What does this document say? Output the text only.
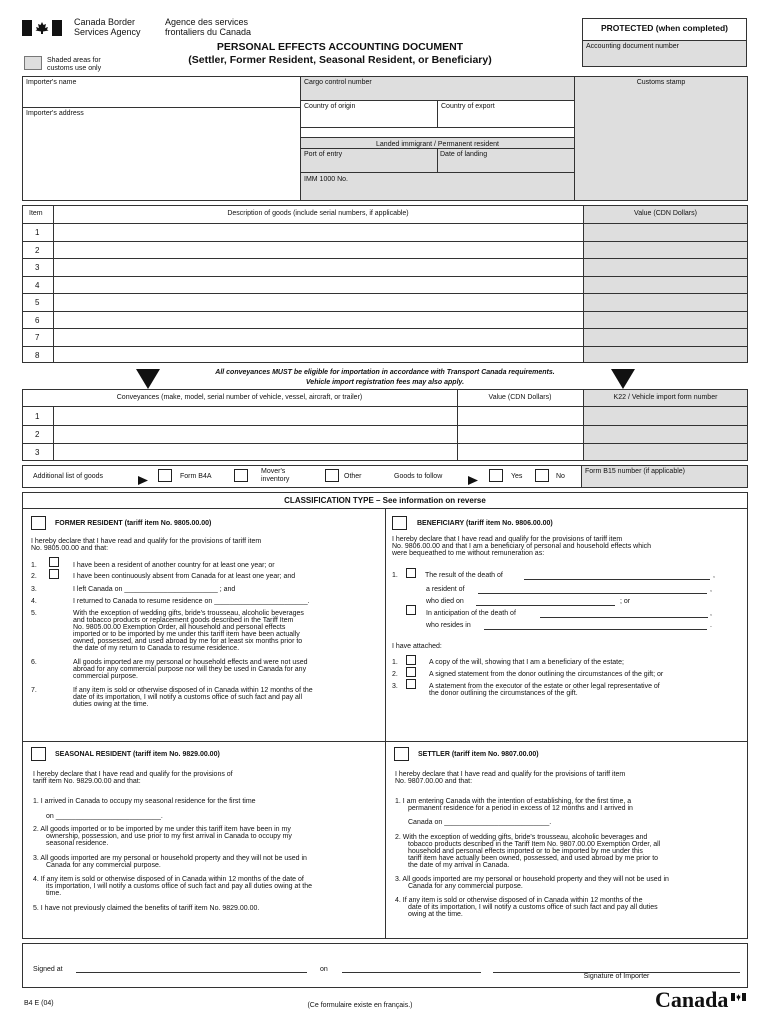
Canada Border
Services Agency
Agence des services
frontaliers du Canada	PROTECTED (when completed)
Accounting document number
PERSONAL EFFECTS ACCOUNTING DOCUMENT
(Settler, Former Resident, Seasonal Resident, or Beneficiary)
Shaded areas for
customs use only
Importer's name
Importer's address
Cargo control number	Customs stamp
Country of origin	Country of export
Landed immigrant / Permanent resident
Port of entry	Date of landing
IMM 1000 No.
Item	Description of goods (include serial numbers, if applicable)	Value (CDN Dollars)
1
2
3
4
5
6
7
8
All conveyances MUST be eligible for importation in accordance with Transport Canada requirements.
Vehicle import registration fees may also apply.
Conveyances (make, model, serial number of vehicle, vessel, aircraft, or trailer)	Value (CDN Dollars)	K22 / Vehicle import form number
1
2
3
Additional list of goods	Form B4A
Mover's
inventory	Other	Goods to follow	Yes	No
Form B15 number (if applicable)
CLASSIFICATION TYPE – See information on reverse
FORMER RESIDENT (tariff item No. 9805.00.00)
I hereby declare that I have read and qualify for the provisions of tariff item
No. 9805.00.00 and that:
1.	I have been a resident of another country for at least one year; or
2.	I have been continuously absent from Canada for at least one year; and
3.	I left Canada on ________________________ ; and
4.	I returned to Canada to resume residence on ________________________.
5.	With the exception of wedding gifts, bride's trousseau, alcoholic beverages
and tobacco products or replacement goods described in the Tariff Item
No. 9805.00.00 Exemption Order, all household and personal effects
imported or to be imported by me under this tariff item have been actually
owned, possessed, and used abroad by me for at least six months prior to
the date of my return to Canada to resume residence.
6.	All goods imported are my personal or household effects and were not used
abroad for any commercial purpose nor will they be used in Canada for any
commercial purpose.
7.	If any item is sold or otherwise disposed of in Canada within 12 months of the
date of its importation, I will notify a customs office of such fact and pay all
duties owing at the time.
BENEFICIARY (tariff item No. 9806.00.00)
I hereby declare that I have read and qualify for the provisions of tariff item
No. 9806.00.00 and that I am a beneficiary of personal and household effects which
were bequeathed to me without remuneration as:
1.	The result of the death of	,
a resident of	,
who died on	; or
In anticipation of the death of	,
who resides in	.
I have attached:
1.	A copy of the will, showing that I am a beneficiary of the estate;
2.	A signed statement from the donor outlining the circumstances of the gift; or
3.	A statement from the executor of the estate or other legal representative of
the donor outlining the circumstances of the gift.
SEASONAL RESIDENT (tariff item No. 9829.00.00)
I hereby declare that I have read and qualify for the provisions of
tariff item No. 9829.00.00 and that:
1. I arrived in Canada to occupy my seasonal residence for the first time
on ___________________________.
2. All goods imported or to be imported by me under this tariff item have been in my
ownership, possession, and use prior to my first arrival in Canada to occupy my
seasonal residence.
3. All goods imported are my personal or household property and they will not be used in
Canada for any commercial purpose.
4. If any item is sold or otherwise disposed of in Canada within 12 months of the date of
its importation, I will notify a customs office of such fact and pay all duties owing at the
time.
5. I have not previously claimed the benefits of tariff item No. 9829.00.00.
SETTLER (tariff item No. 9807.00.00)
I hereby declare that I have read and qualify for the provisions of tariff item
No. 9807.00.00 and that:
1. I am entering Canada with the intention of establishing, for the first time, a
permanent residence for a period in excess of 12 months and I arrived in
Canada on ___________________________.
2. With the exception of wedding gifts, bride's trousseau, alcoholic beverages and
tobacco products described in the Tariff Item No. 9807.00.00 Exemption Order, all
household and personal effects imported or to be imported by me under this
tariff item have actually been owned, possessed, and used abroad by me prior to
the date of my arrival in Canada.
3. All goods imported are my personal or household property and they will not be used in
Canada for any commercial purpose.
4. If any item is sold or otherwise disposed of in Canada within 12 months of the
date of its importation, I will notify a customs office of such fact and pay all duties
owing at the time.
Signed at	on
Signature of Importer
B4 E (04)	(Ce formulaire existe en français.)	Canada
